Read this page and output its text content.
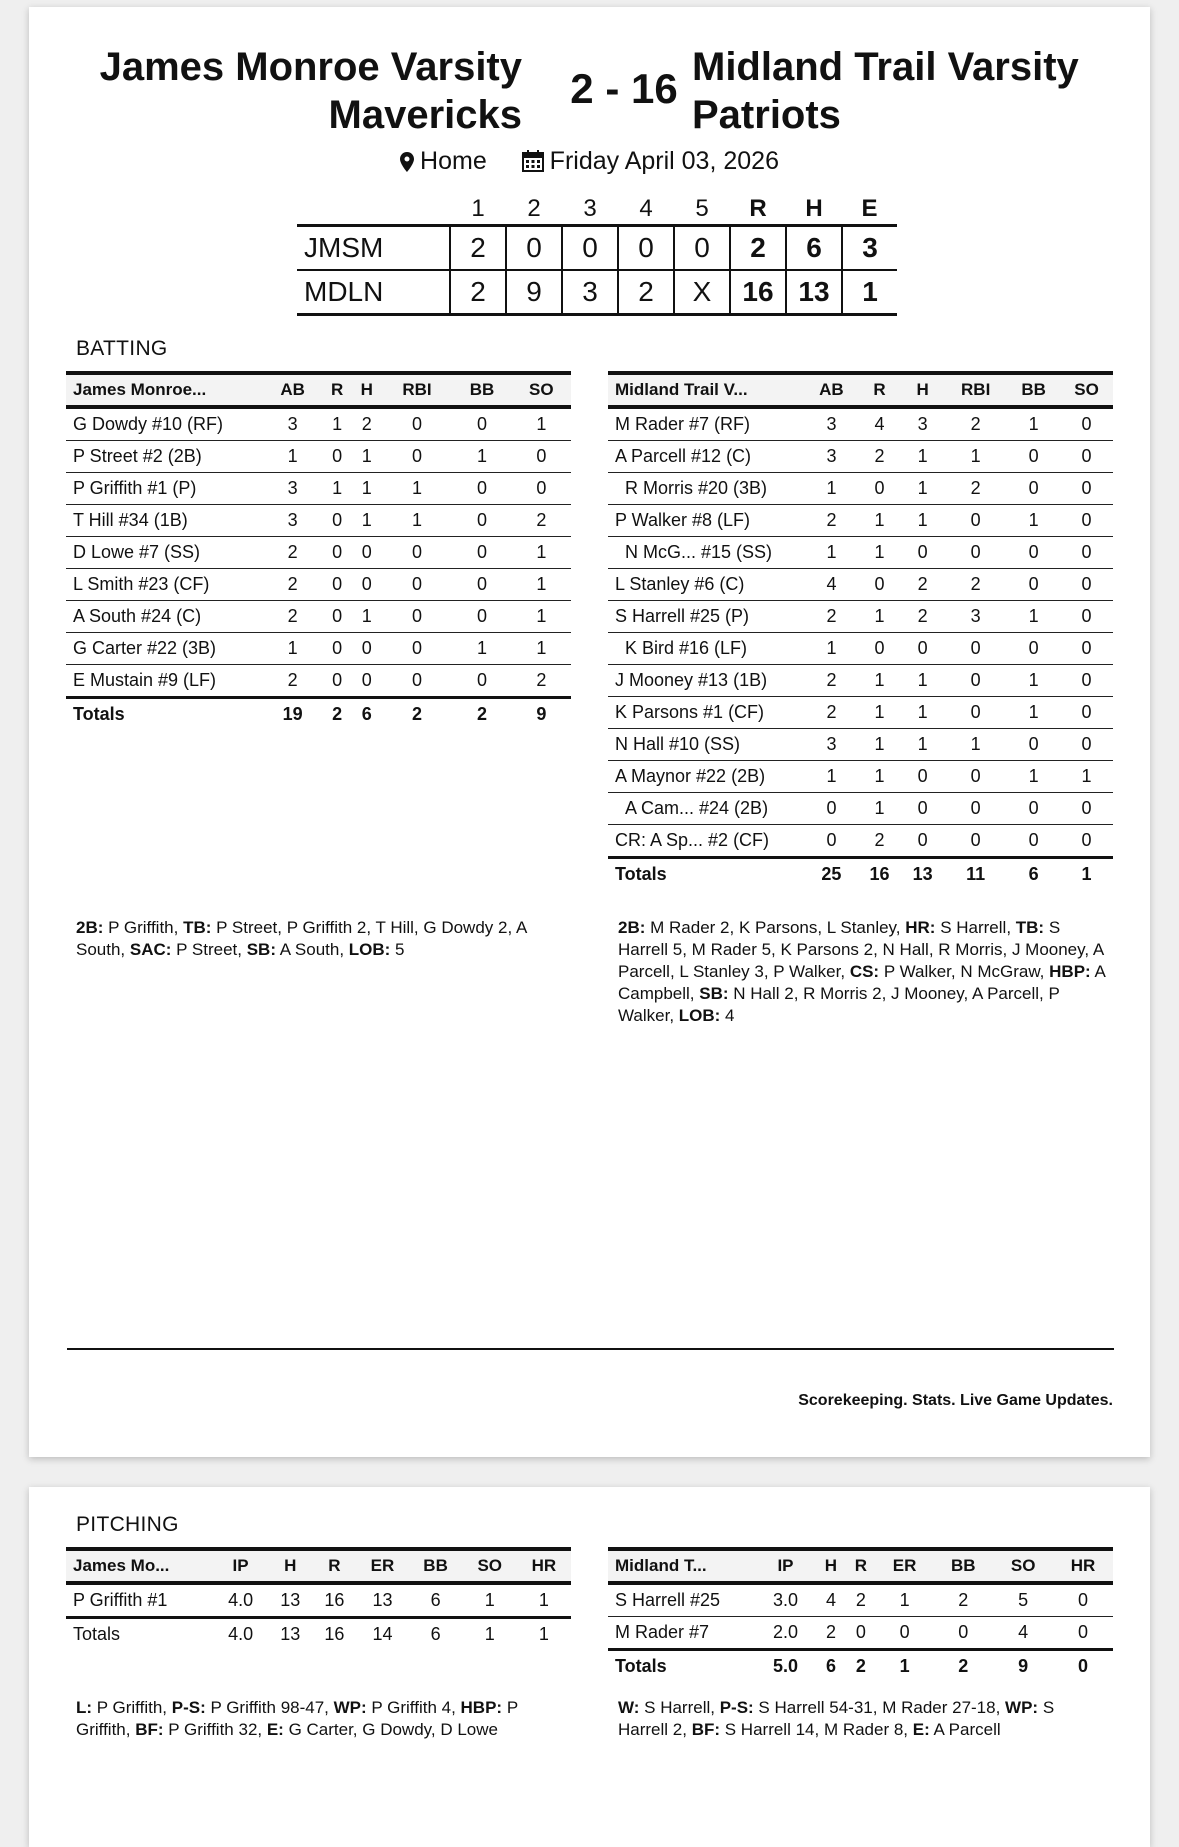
James Monroe Varsity
Mavericks
2 - 16 Midland Trail Varsity
Patriots
Home	Friday April 03, 2026
	1	2	3	4	5	R	H	E
JMSM	2	0	0	0	0	2	6	3
MDLN	2	9	3	2	X	16	13	1
BATTING
James Monroe...	AB	R	H	RBI	BB	SO
G Dowdy #10 (RF)	3	1	2	0	0	1
P Street #2 (2B)	1	0	1	0	1	0
P Griffith #1 (P)	3	1	1	1	0	0
T Hill #34 (1B)	3	0	1	1	0	2
D Lowe #7 (SS)	2	0	0	0	0	1
L Smith #23 (CF)	2	0	0	0	0	1
A South #24 (C)	2	0	1	0	0	1
G Carter #22 (3B)	1	0	0	0	1	1
E Mustain #9 (LF)	2	0	0	0	0	2
Totals	19	2	6	2	2	9
Midland Trail V...	AB	R	H	RBI	BB	SO
M Rader #7 (RF)	3	4	3	2	1	0
A Parcell #12 (C)	3	2	1	1	0	0
R Morris #20 (3B)	1	0	1	2	0	0
P Walker #8 (LF)	2	1	1	0	1	0
N McG... #15 (SS)	1	1	0	0	0	0
L Stanley #6 (C)	4	0	2	2	0	0
S Harrell #25 (P)	2	1	2	3	1	0
K Bird #16 (LF)	1	0	0	0	0	0
J Mooney #13 (1B)	2	1	1	0	1	0
K Parsons #1 (CF)	2	1	1	0	1	0
N Hall #10 (SS)	3	1	1	1	0	0
A Maynor #22 (2B)	1	1	0	0	1	1
A Cam... #24 (2B)	0	1	0	0	0	0
CR: A Sp... #2 (CF)	0	2	0	0	0	0
Totals	25	16	13	11	6	1
2B: P Griffith, TB: P Street, P Griffith 2, T Hill, G Dowdy 2, A South, SAC: P Street, SB: A South, LOB: 5
2B: M Rader 2, K Parsons, L Stanley, HR: S Harrell, TB: S Harrell 5, M Rader 5, K Parsons 2, N Hall, R Morris, J Mooney, A Parcell, L Stanley 3, P Walker, CS: P Walker, N McGraw, HBP: A Campbell, SB: N Hall 2, R Morris 2, J Mooney, A Parcell, P Walker, LOB: 4
Scorekeeping. Stats. Live Game Updates.
PITCHING
James Mo...	IP	H	R	ER	BB	SO	HR
P Griffith #1	4.0	13	16	13	6	1	1
Totals	4.0	13	16	14	6	1	1
Midland T...	IP	H	R	ER	BB	SO	HR
S Harrell #25	3.0	4	2	1	2	5	0
M Rader #7	2.0	2	0	0	0	4	0
Totals	5.0	6	2	1	2	9	0
L: P Griffith, P-S: P Griffith 98-47, WP: P Griffith 4, HBP: P Griffith, BF: P Griffith 32, E: G Carter, G Dowdy, D Lowe
W: S Harrell, P-S: S Harrell 54-31, M Rader 27-18, WP: S Harrell 2, BF: S Harrell 14, M Rader 8, E: A Parcell
